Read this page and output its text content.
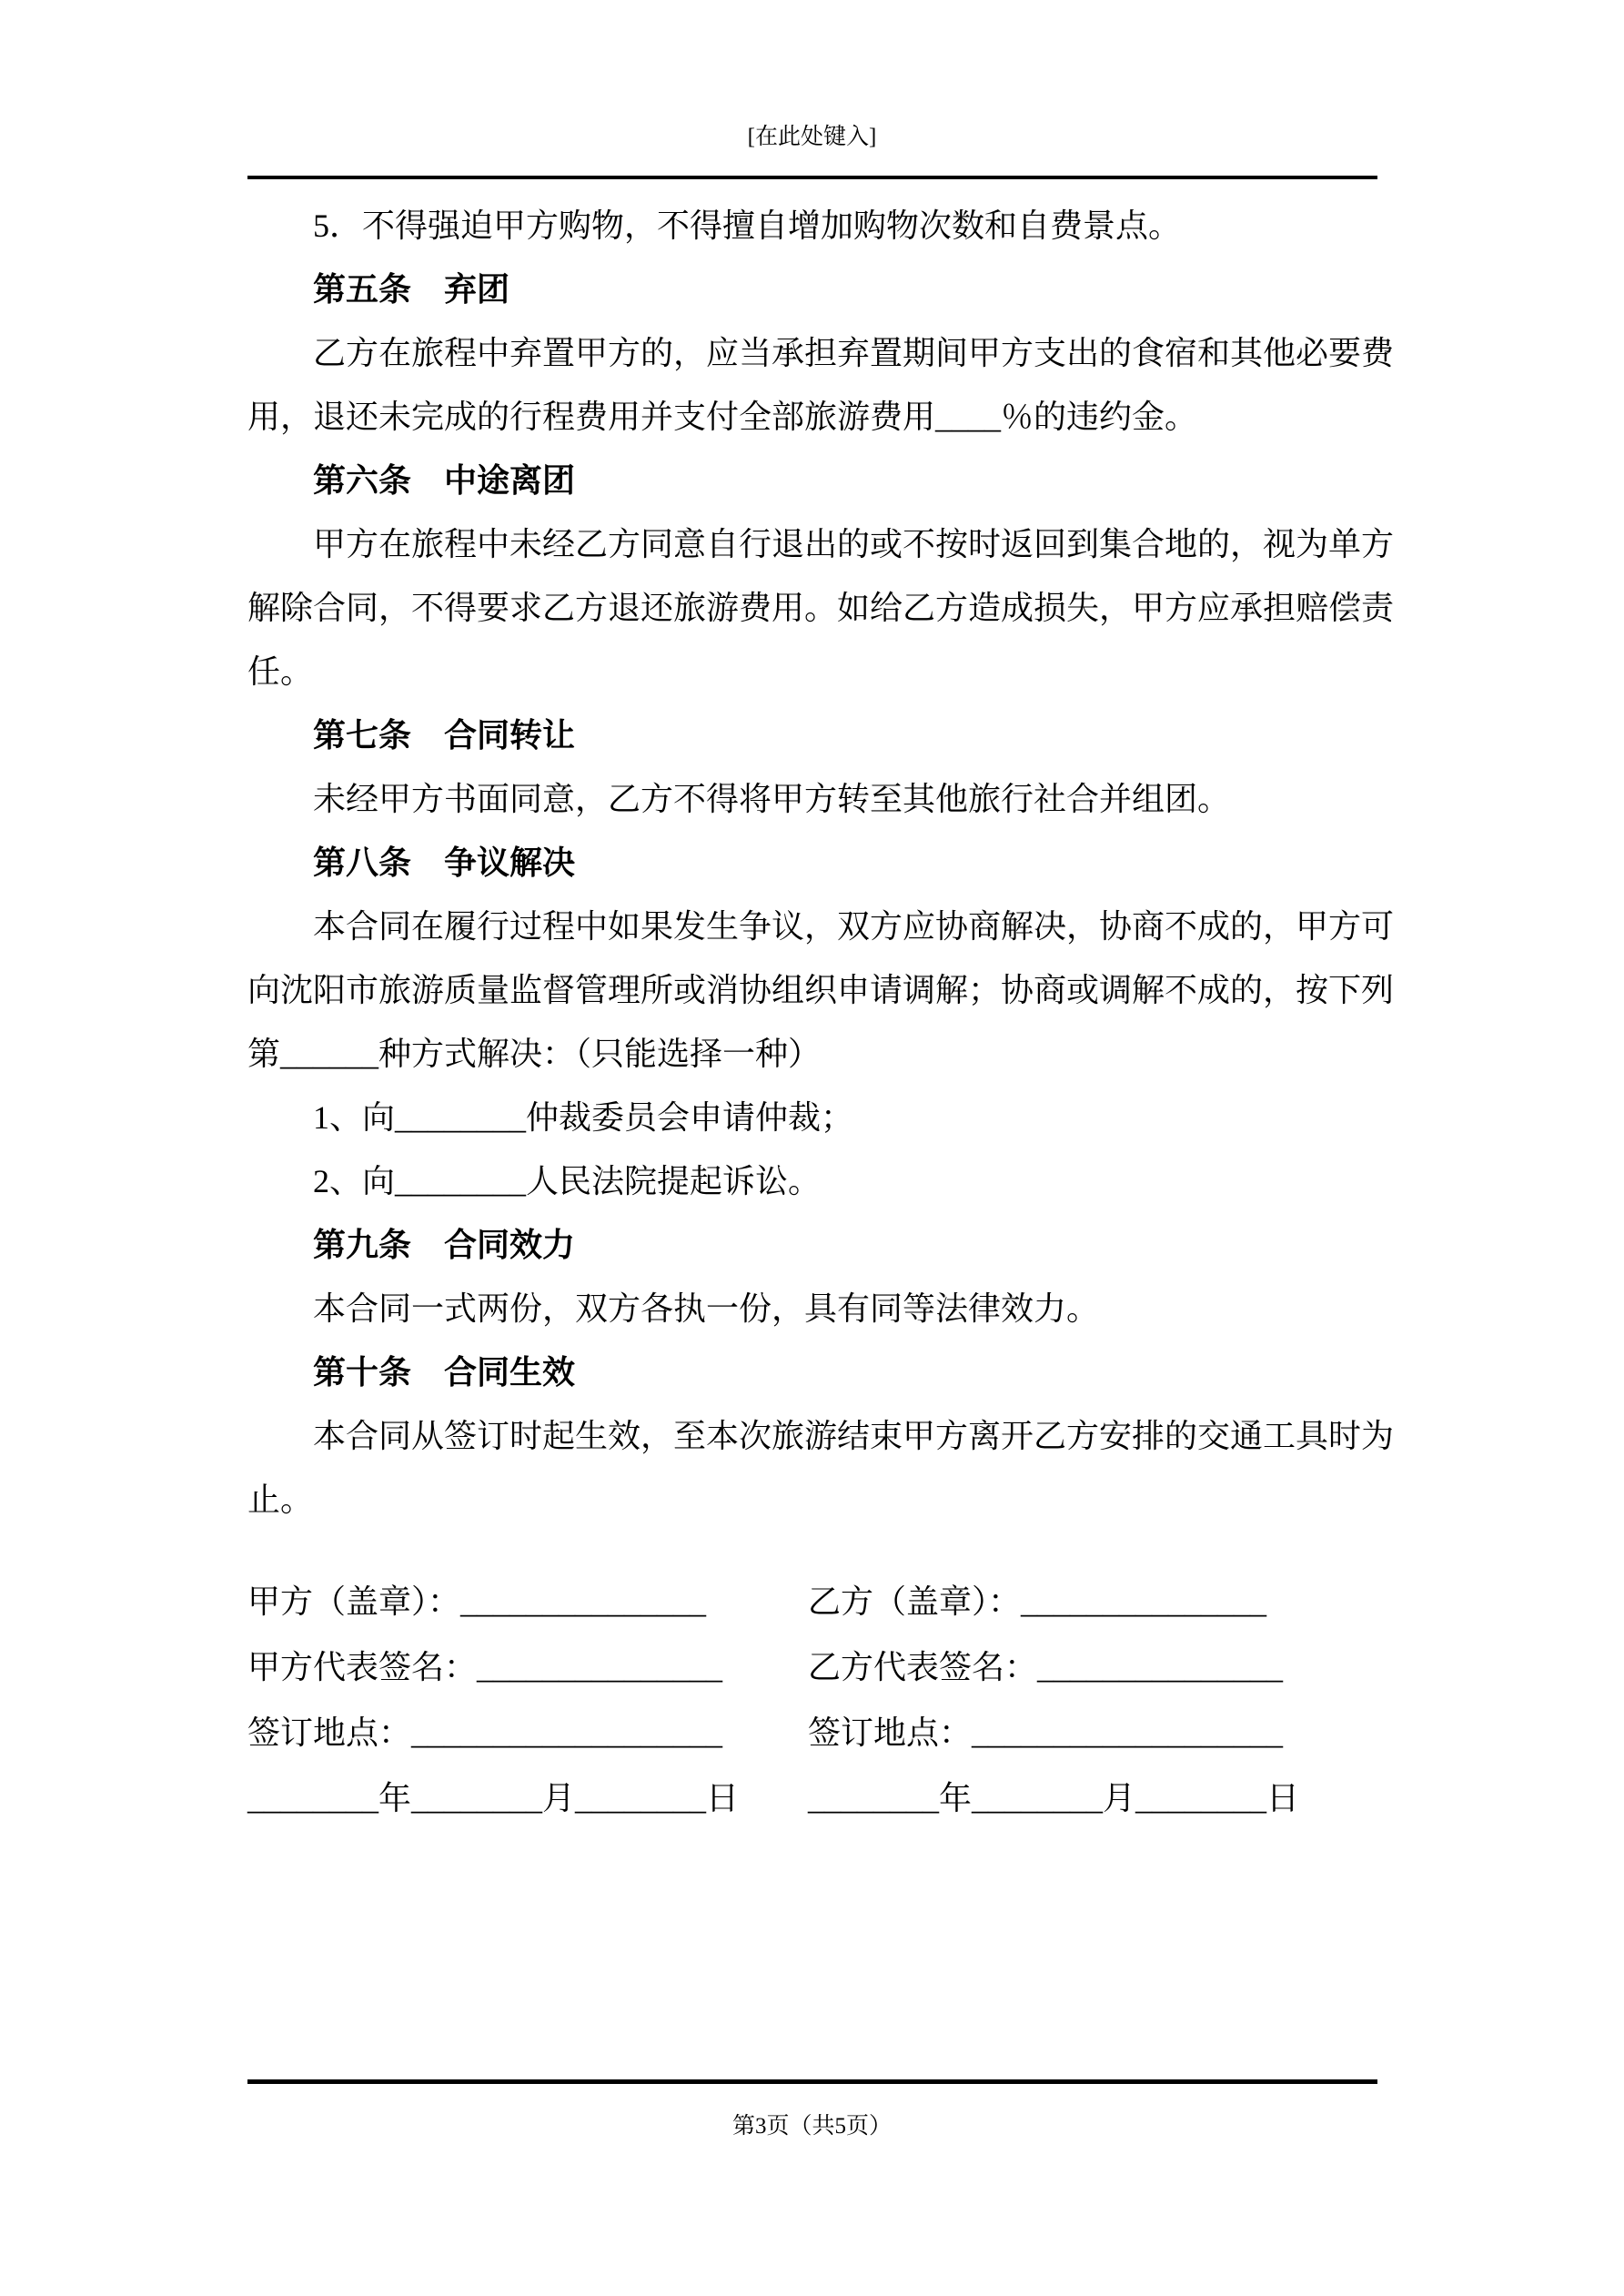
[在此处键入]
5．不得强迫甲方购物，不得擅自增加购物次数和自费景点。
第五条　弃团
乙方在旅程中弃置甲方的，应当承担弃置期间甲方支出的食宿和其他必要费
用，退还未完成的行程费用并支付全部旅游费用____％的违约金。
第六条　中途离团
甲方在旅程中未经乙方同意自行退出的或不按时返回到集合地的，视为单方
解除合同，不得要求乙方退还旅游费用。如给乙方造成损失，甲方应承担赔偿责
任。
第七条　合同转让
未经甲方书面同意，乙方不得将甲方转至其他旅行社合并组团。
第八条　争议解决
本合同在履行过程中如果发生争议，双方应协商解决，协商不成的，甲方可
向沈阳市旅游质量监督管理所或消协组织申请调解；协商或调解不成的，按下列
第______种方式解决：（只能选择一种）
1、向________仲裁委员会申请仲裁；
2、向________人民法院提起诉讼。
第九条　合同效力
本合同一式两份，双方各执一份，具有同等法律效力。
第十条　合同生效
本合同从签订时起生效，至本次旅游结束甲方离开乙方安排的交通工具时为
止。
甲方（盖章）：_______________	乙方（盖章）：_______________
甲方代表签名：_______________	乙方代表签名：_______________
签订地点：___________________	签订地点：___________________
________年________月________日	________年________月________日
第3页（共5页）
